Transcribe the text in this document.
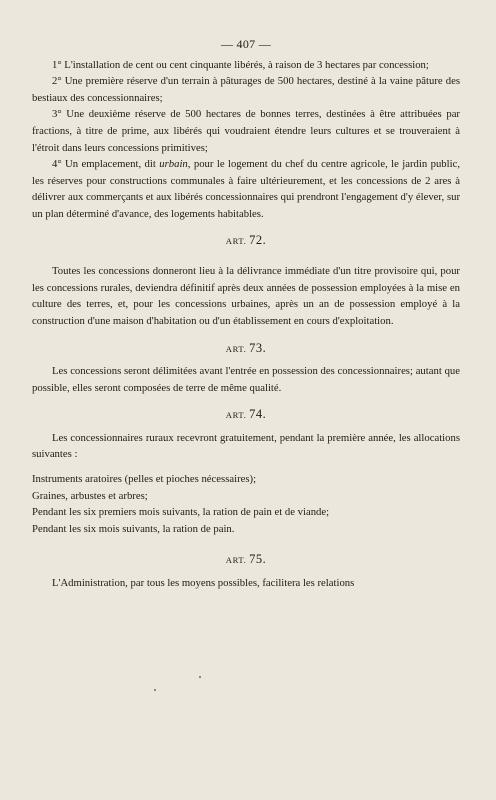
— 407 —

1° L'installation de cent ou cent cinquante libérés, à raison de 3 hectares par concession;

2° Une première réserve d'un terrain à pâturages de 500 hectares, destiné à la vaine pâture des bestiaux des concessionnaires;

3° Une deuxième réserve de 500 hectares de bonnes terres, destinées à être attribuées par fractions, à titre de prime, aux libérés qui voudraient étendre leurs cultures et se trouveraient à l'étroit dans leurs concessions primitives;

4° Un emplacement, dit urbain, pour le logement du chef du centre agricole, le jardin public, les réserves pour constructions communales à faire ultérieurement, et les concessions de 2 ares à délivrer aux commerçants et aux libérés concessionnaires qui prendront l'engagement d'y élever, sur un plan déterminé d'avance, des logements habitables.

ART. 72.

Toutes les concessions donneront lieu à la délivrance immédiate d'un titre provisoire qui, pour les concessions rurales, deviendra définitif après deux années de possession employées à la mise en culture des terres, et, pour les concessions urbaines, après un an de possession employé à la construction d'une maison d'habitation ou d'un établissement en cours d'exploitation.

ART. 73.

Les concessions seront délimitées avant l'entrée en possession des concessionnaires; autant que possible, elles seront composées de terre de même qualité.

ART. 74.

Les concessionnaires ruraux recevront gratuitement, pendant la première année, les allocations suivantes :

Instruments aratoires (pelles et pioches nécessaires);

Graines, arbustes et arbres;

Pendant les six premiers mois suivants, la ration de pain et de viande;

Pendant les six mois suivants, la ration de pain.

ART. 75.

L'Administration, par tous les moyens possibles, facilitera les relations
